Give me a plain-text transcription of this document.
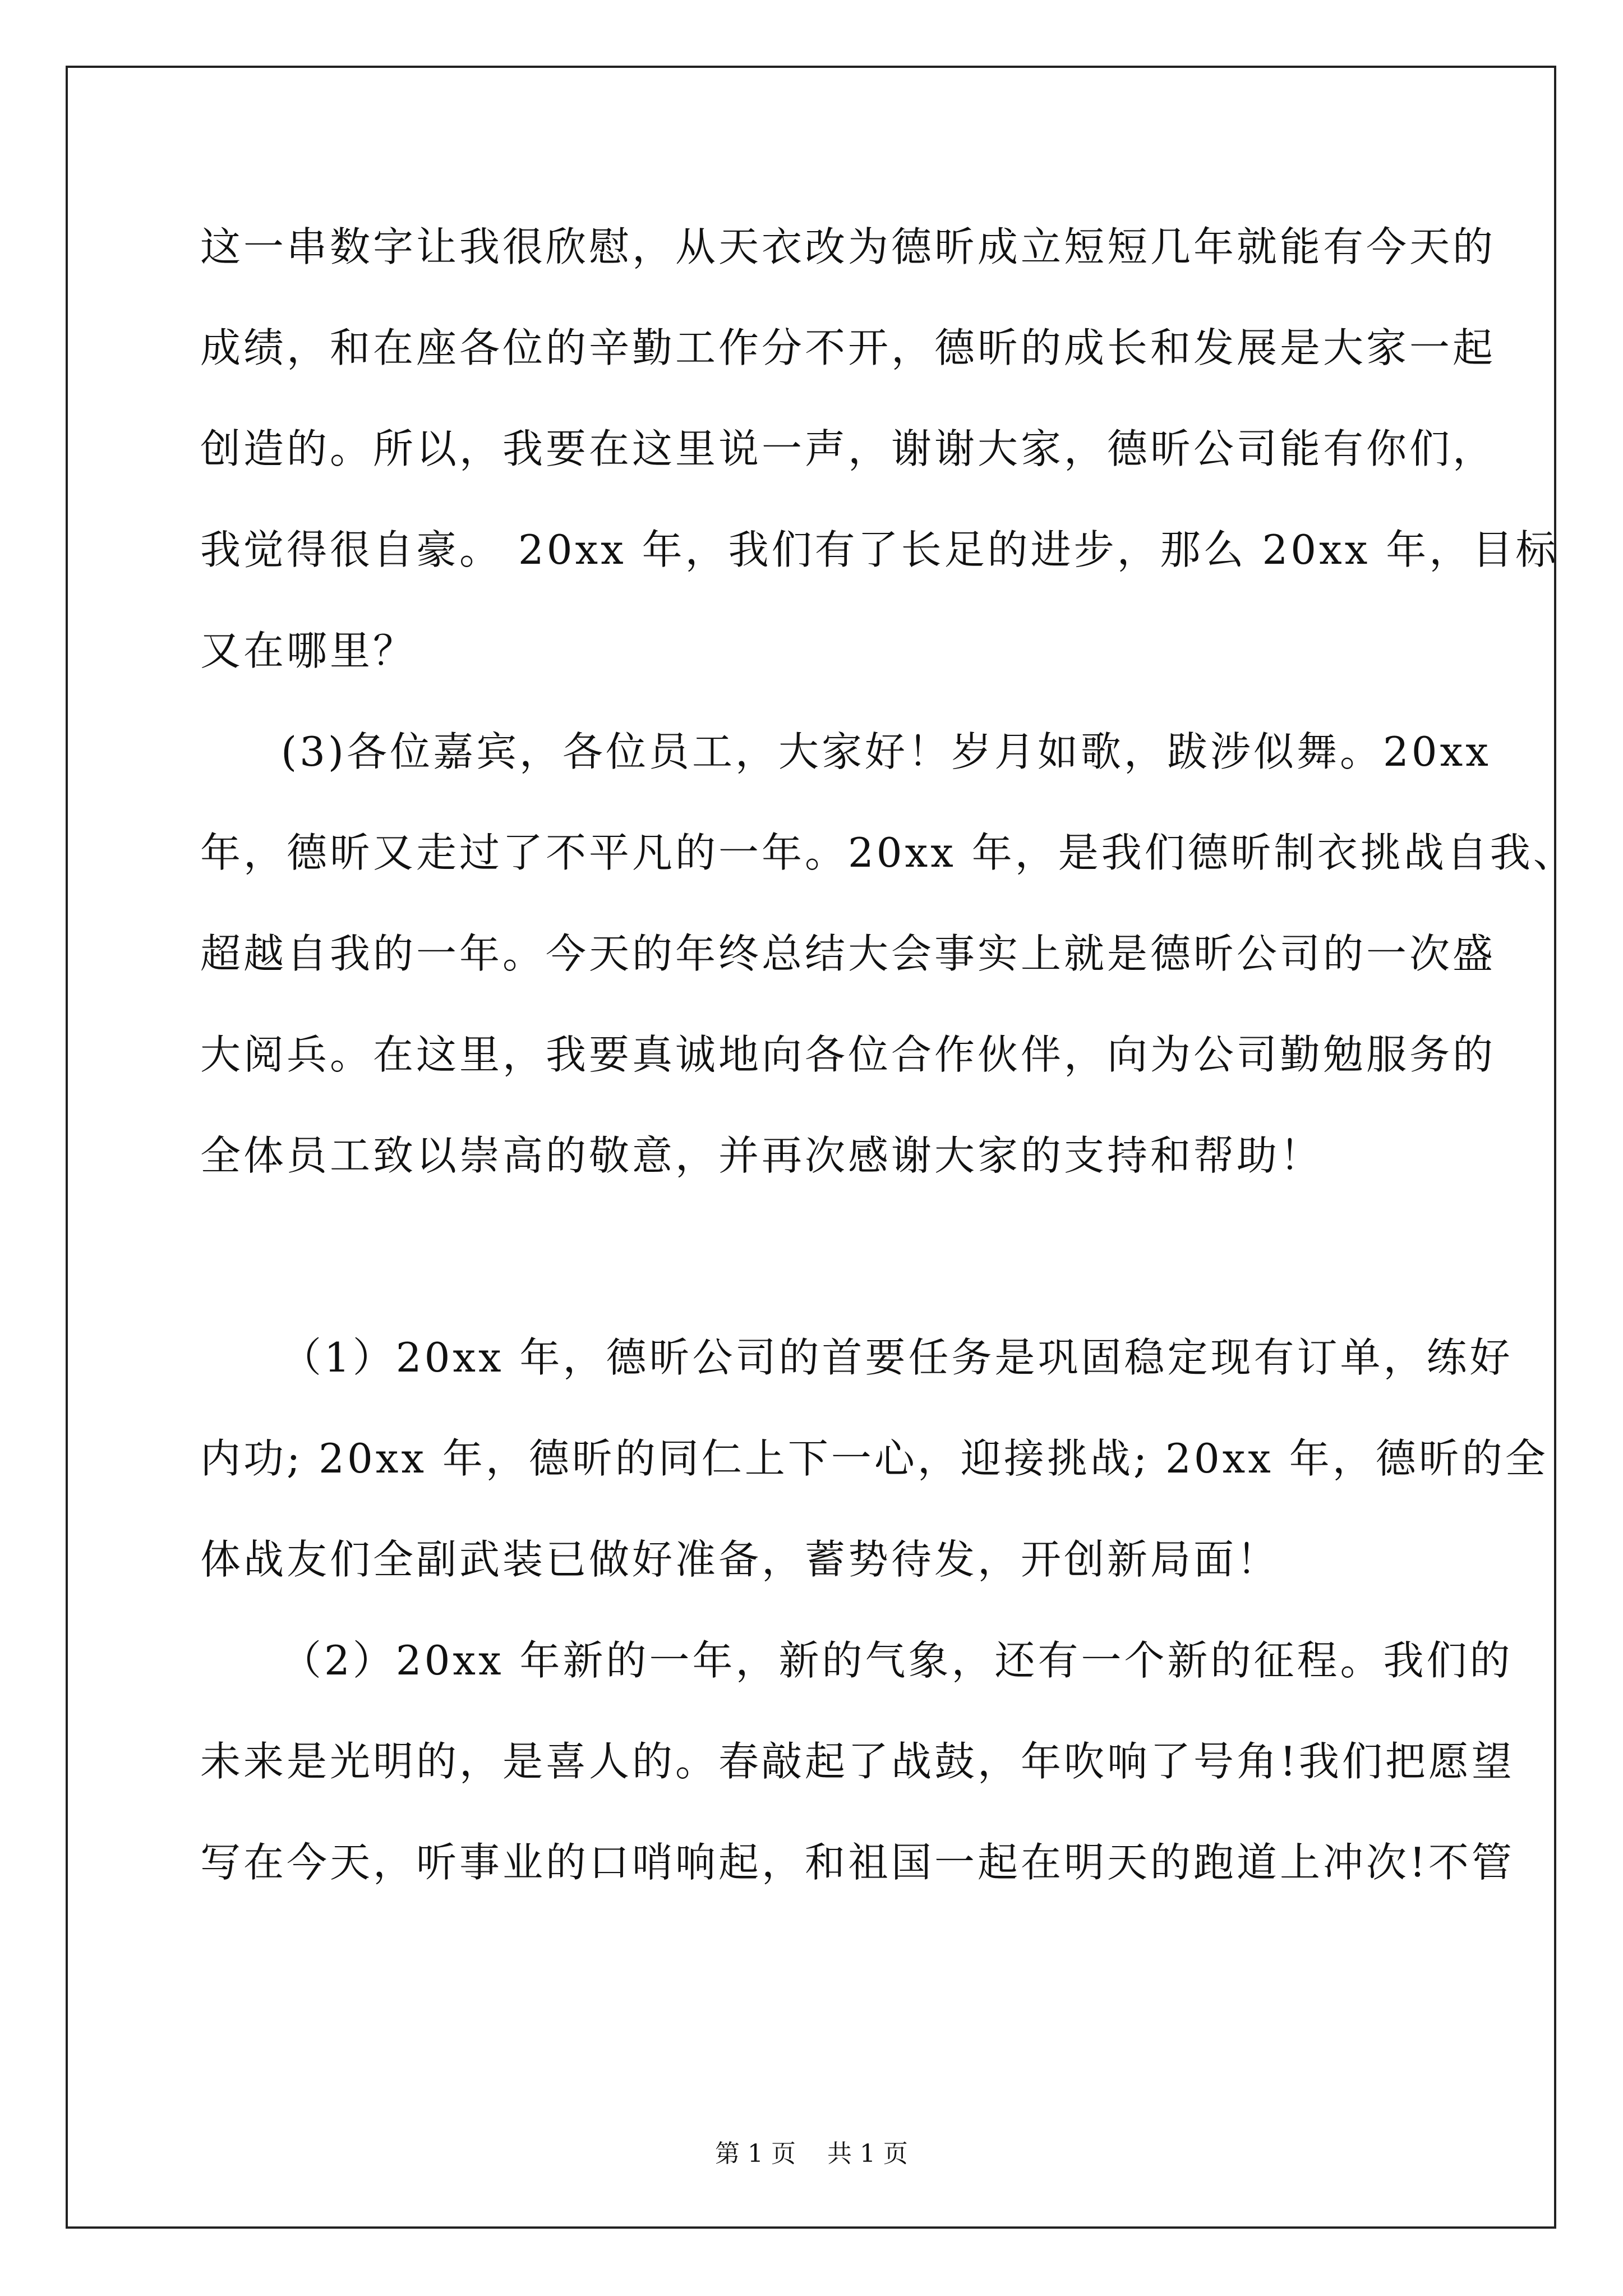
这一串数字让我很欣慰，从天衣改为德昕成立短短几年就能有今天的
成绩，和在座各位的辛勤工作分不开，德昕的成长和发展是大家一起
创造的。所以，我要在这里说一声，谢谢大家，德昕公司能有你们，
我觉得很自豪。 20xx 年，我们有了长足的进步，那么 20xx 年，目标
又在哪里？
(3)各位嘉宾，各位员工，大家好！岁月如歌，跋涉似舞。20xx
年，德昕又走过了不平凡的一年。20xx 年，是我们德昕制衣挑战自我、
超越自我的一年。今天的年终总结大会事实上就是德昕公司的一次盛
大阅兵。在这里，我要真诚地向各位合作伙伴，向为公司勤勉服务的
全体员工致以崇高的敬意，并再次感谢大家的支持和帮助！
（1）20xx 年，德昕公司的首要任务是巩固稳定现有订单，练好
内功; 20xx 年，德昕的同仁上下一心，迎接挑战; 20xx 年，德昕的全
体战友们全副武装已做好准备，蓄势待发，开创新局面！
（2）20xx 年新的一年，新的气象，还有一个新的征程。我们的
未来是光明的，是喜人的。春敲起了战鼓，年吹响了号角!我们把愿望
写在今天，听事业的口哨响起，和祖国一起在明天的跑道上冲次!不管
第 1 页    共 1 页
